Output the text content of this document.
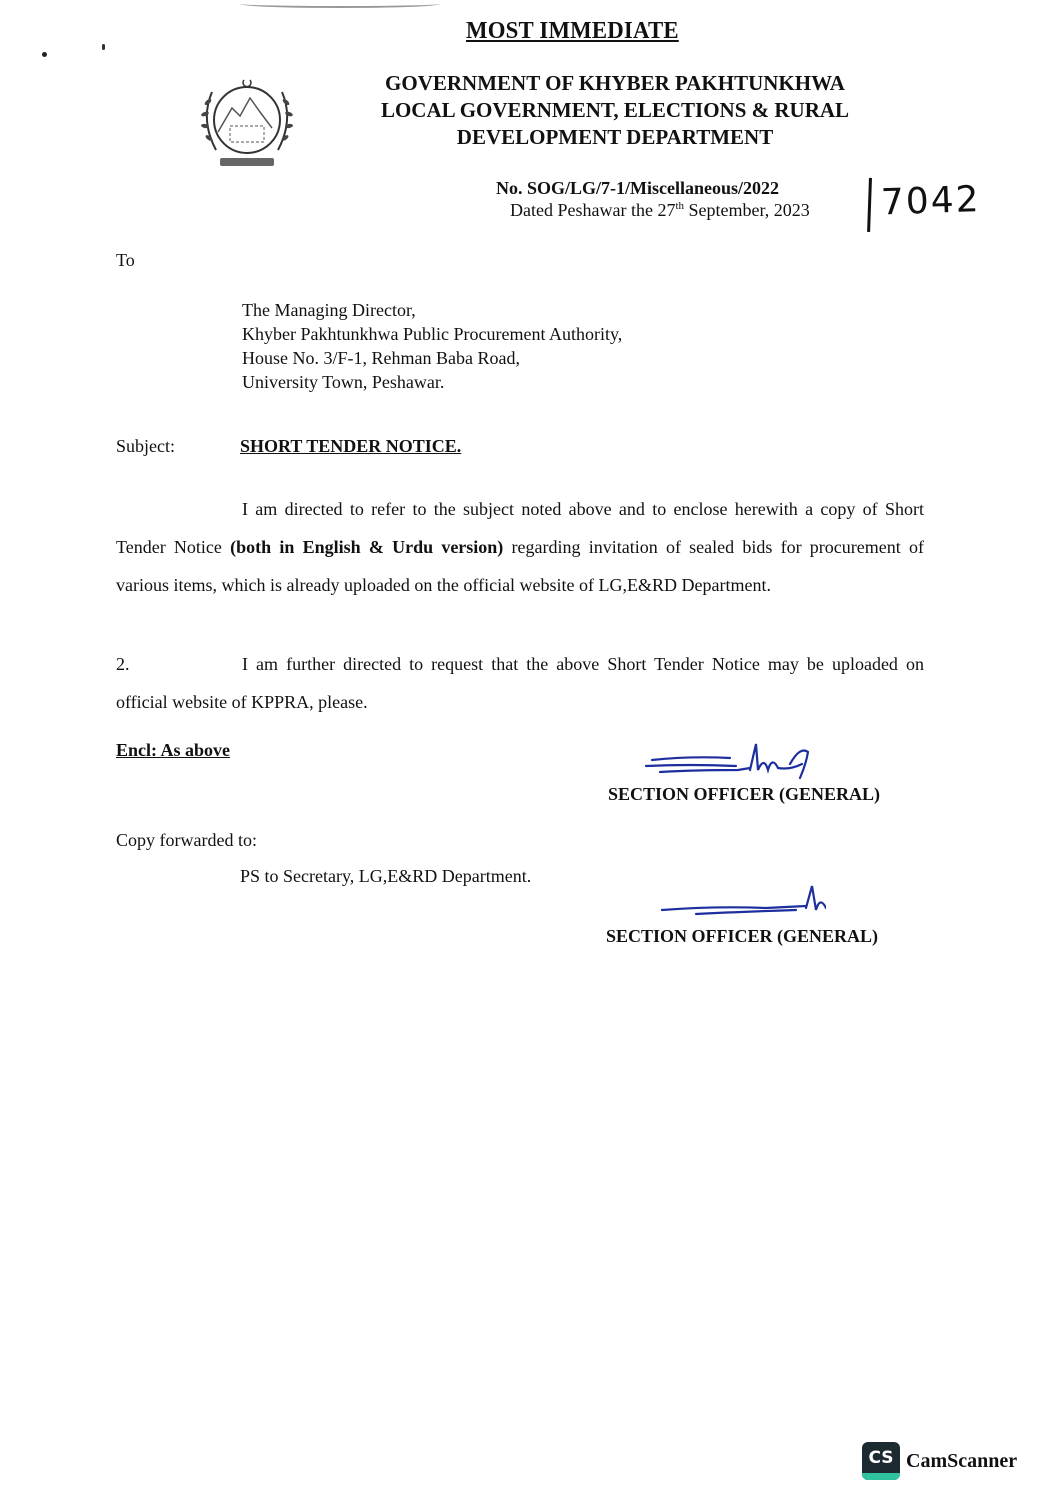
MOST IMMEDIATE
GOVERNMENT OF KHYBER PAKHTUNKHWA
LOCAL GOVERNMENT, ELECTIONS & RURAL
DEVELOPMENT DEPARTMENT
No. SOG/LG/7-1/Miscellaneous/2022
Dated Peshawar the 27th September, 2023	7042
To
The Managing Director,
Khyber Pakhtunkhwa Public Procurement Authority,
House No. 3/F-1, Rehman Baba Road,
University Town, Peshawar.
Subject:	SHORT TENDER NOTICE.
I am directed to refer to the subject noted above and to enclose herewith a copy of Short Tender Notice (both in English & Urdu version) regarding invitation of sealed bids for procurement of various items, which is already uploaded on the official website of LG,E&RD Department.
2.	I am further directed to request that the above Short Tender Notice may be uploaded on official website of KPPRA, please.
Encl: As above
SECTION OFFICER (GENERAL)
Copy forwarded to:
PS to Secretary, LG,E&RD Department.
SECTION OFFICER (GENERAL)
CS CamScanner
